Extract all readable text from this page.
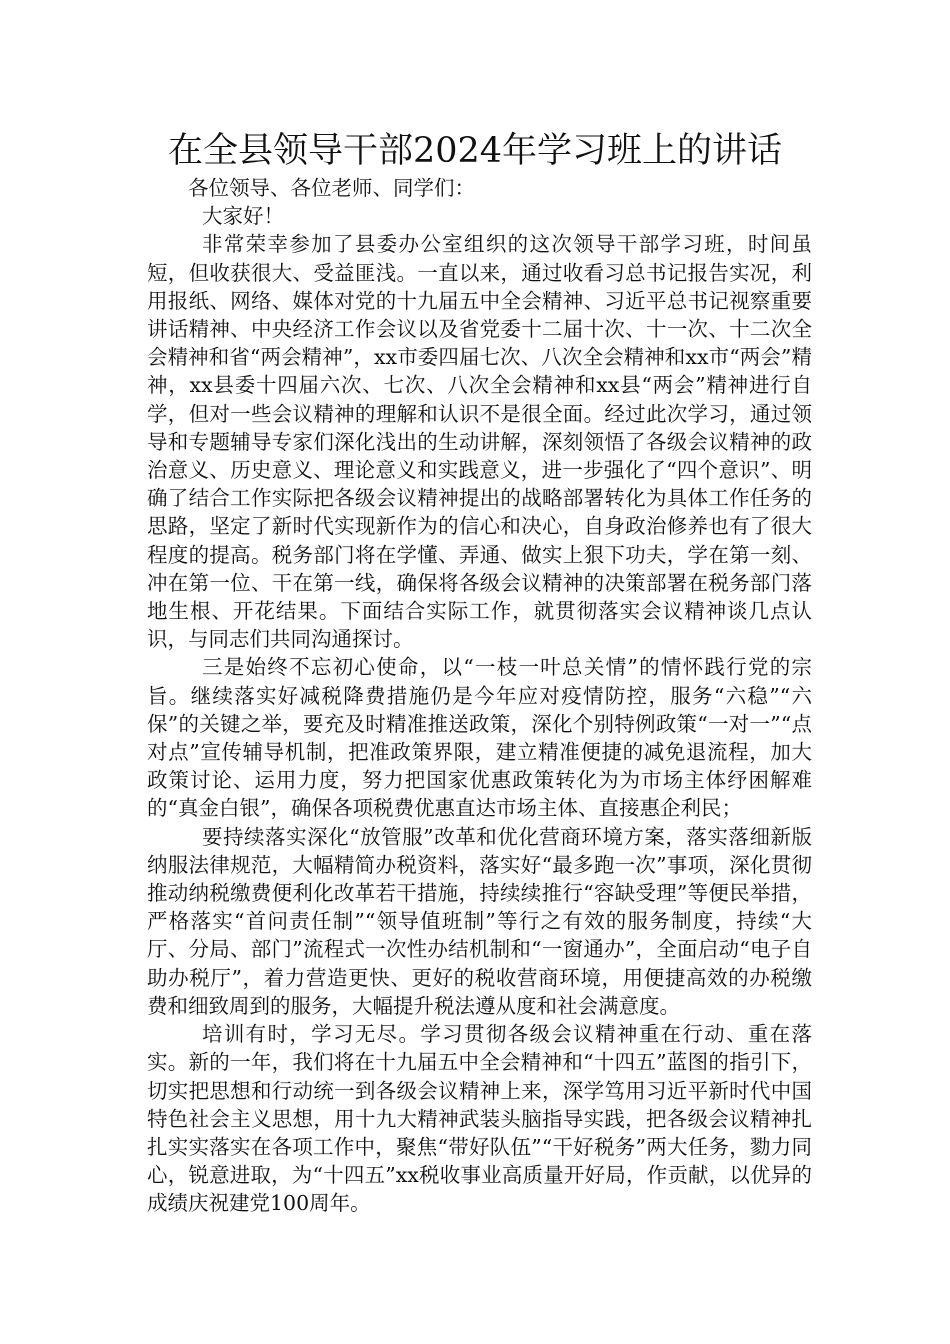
在全县领导干部2024年学习班上的讲话

各位领导、各位老师、同学们：

大家好！

非常荣幸参加了县委办公室组织的这次领导干部学习班，时间虽短，但收获很大、受益匪浅。一直以来，通过收看习总书记报告实况，利用报纸、网络、媒体对党的十九届五中全会精神、习近平总书记视察重要讲话精神、中央经济工作会议以及省党委十二届十次、十一次、十二次全会精神和省“两会精神”，xx市委四届七次、八次全会精神和xx市“两会”精神，xx县委十四届六次、七次、八次全会精神和xx县“两会”精神进行自学，但对一些会议精神的理解和认识不是很全面。经过此次学习，通过领导和专题辅导专家们深化浅出的生动讲解，深刻领悟了各级会议精神的政治意义、历史意义、理论意义和实践意义，进一步强化了“四个意识”、明确了结合工作实际把各级会议精神提出的战略部署转化为具体工作任务的思路，坚定了新时代实现新作为的信心和决心，自身政治修养也有了很大程度的提高。税务部门将在学懂、弄通、做实上狠下功夫，学在第一刻、冲在第一位、干在第一线，确保将各级会议精神的决策部署在税务部门落地生根、开花结果。下面结合实际工作，就贯彻落实会议精神谈几点认识，与同志们共同沟通探讨。

三是始终不忘初心使命，以“一枝一叶总关情”的情怀践行党的宗旨。继续落实好减税降费措施仍是今年应对疫情防控，服务“六稳”“六保”的关键之举，要充及时精准推送政策，深化个别特例政策“一对一”“点对点”宣传辅导机制，把准政策界限，建立精准便捷的减免退流程，加大政策讨论、运用力度，努力把国家优惠政策转化为为市场主体纾困解难的“真金白银”，确保各项税费优惠直达市场主体、直接惠企利民；

要持续落实深化“放管服”改革和优化营商环境方案，落实落细新版纳服法律规范，大幅精简办税资料，落实好“最多跑一次”事项，深化贯彻推动纳税缴费便利化改革若干措施，持续续推行“容缺受理”等便民举措，严格落实“首问责任制”“领导值班制”等行之有效的服务制度，持续“大厅、分局、部门”流程式一次性办结机制和“一窗通办”，全面启动“电子自助办税厅”，着力营造更快、更好的税收营商环境，用便捷高效的办税缴费和细致周到的服务，大幅提升税法遵从度和社会满意度。

培训有时，学习无尽。学习贯彻各级会议精神重在行动、重在落实。新的一年，我们将在十九届五中全会精神和“十四五”蓝图的指引下，切实把思想和行动统一到各级会议精神上来，深学笃用习近平新时代中国特色社会主义思想，用十九大精神武装头脑指导实践，把各级会议精神扎扎实实落实在各项工作中，聚焦“带好队伍”“干好税务”两大任务，勠力同心，锐意进取，为“十四五”xx税收事业高质量开好局，作贡献，以优异的成绩庆祝建党100周年。
